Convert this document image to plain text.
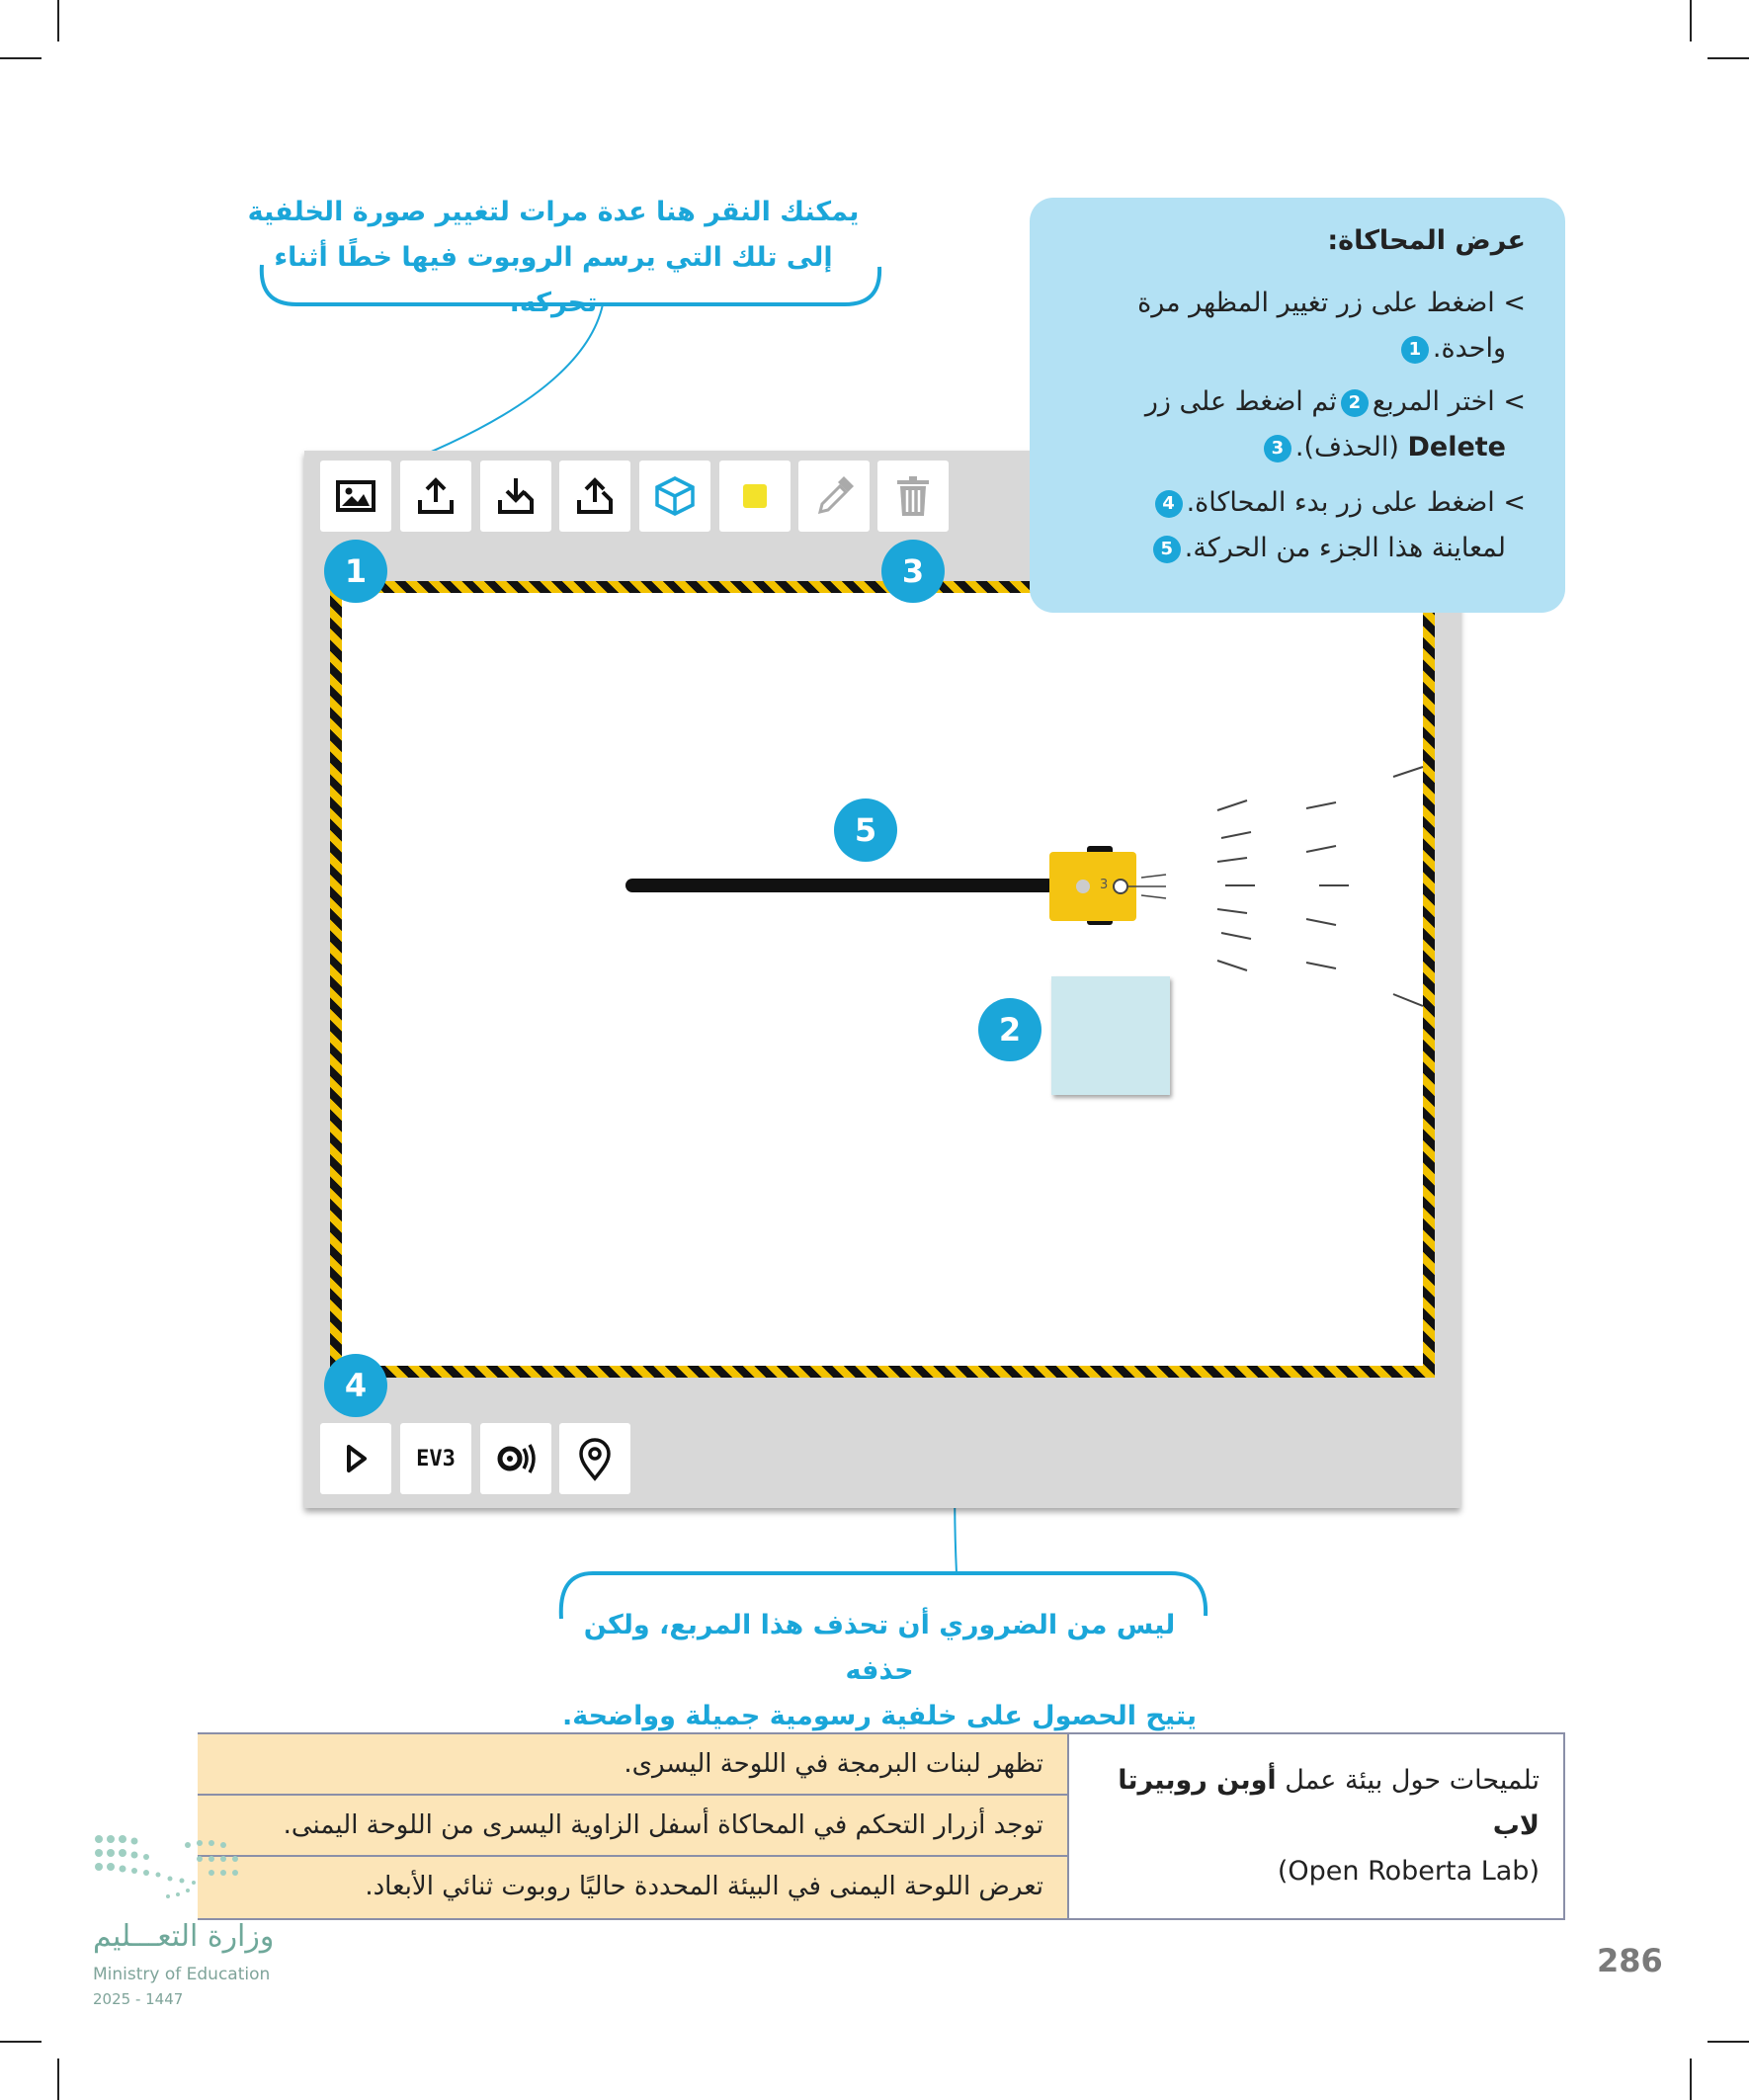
يمكنك النقر هنا عدة مرات لتغيير صورة الخلفية
إلى تلك التي يرسم الروبوت فيها خطًا أثناء تحركه.
3
EV3
عرض المحاكاة:
> اضغط على زر تغيير المظهر مرة
واحدة.1
> اختر المربع2ثم اضغط على زر
Delete (الحذف).3
> اضغط على زر بدء المحاكاة.4
لمعاينة هذا الجزء من الحركة.5
1	3
5
2
4
ليس من الضروري أن تحذف هذا المربع، ولكن حذفه
يتيح الحصول على خلفية رسومية جميلة وواضحة.
تلميحات حول بيئة عمل أوبن روبيرتا لاب
(Open Roberta Lab)
تظهر لبنات البرمجة في اللوحة اليسرى.
توجد أزرار التحكم في المحاكاة أسفل الزاوية اليسرى من اللوحة اليمنى.
تعرض اللوحة اليمنى في البيئة المحددة حاليًا روبوت ثنائي الأبعاد.
وزارة التعـــليم
Ministry of Education
2025 - 1447
286
